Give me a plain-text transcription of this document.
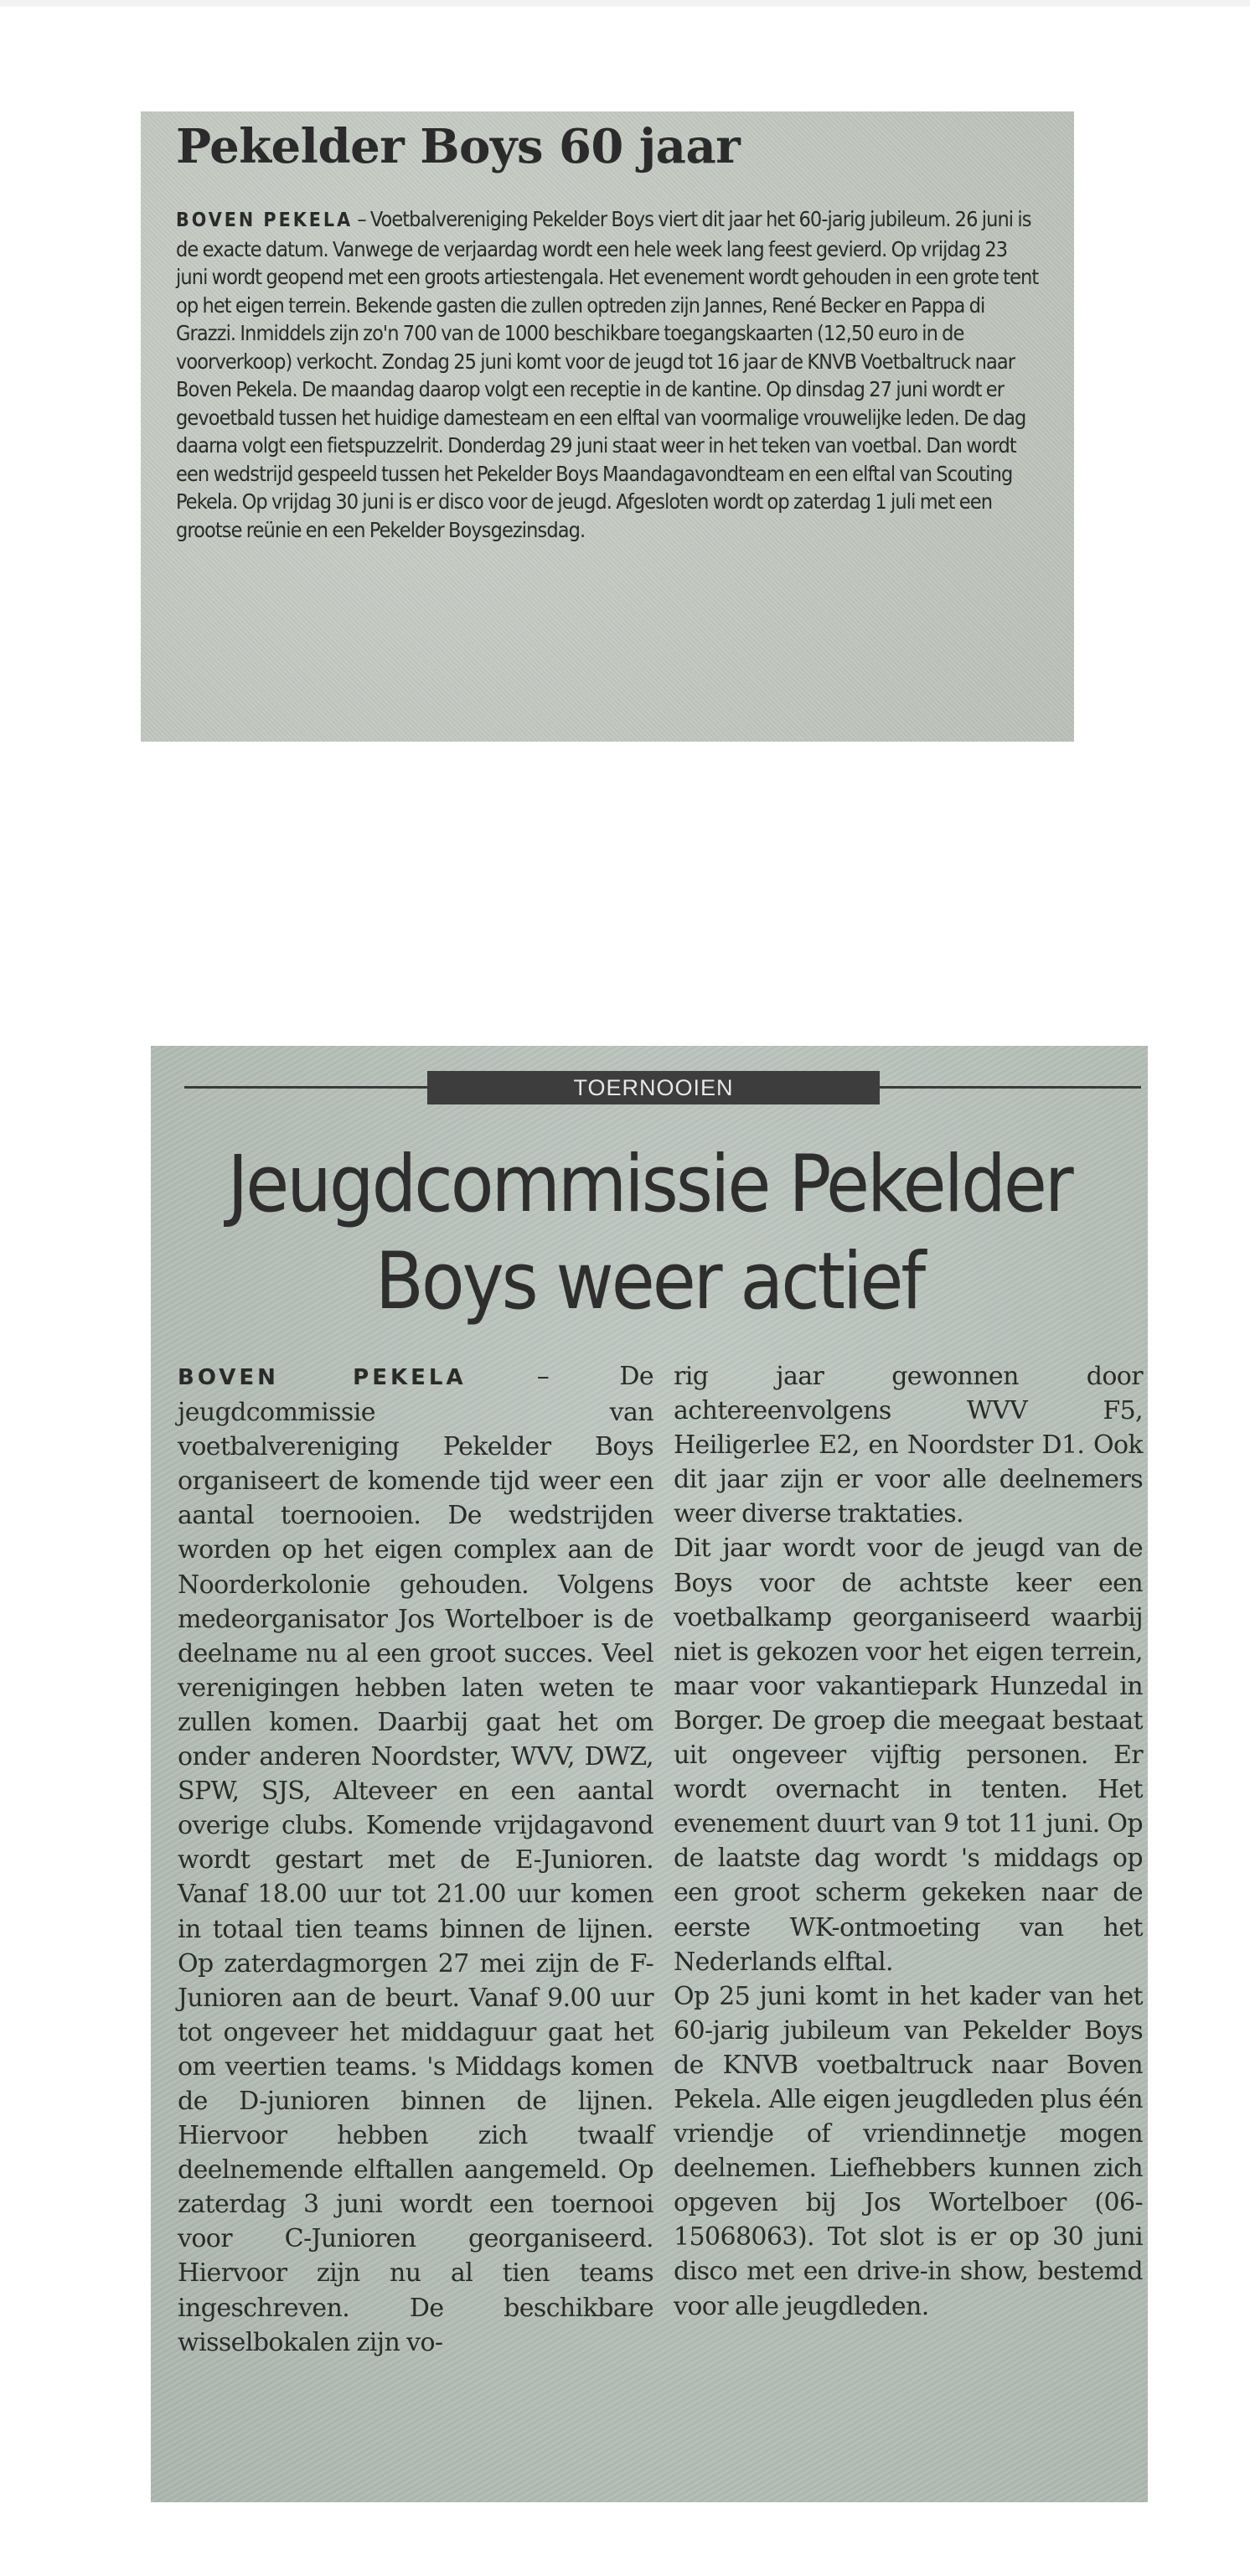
Pekelder Boys 60 jaar
BOVEN PEKELA – Voetbalvereniging Pekelder Boys viert dit jaar het 60-jarig jubileum. 26 juni is de exacte datum. Vanwege de verjaardag wordt een hele week lang feest gevierd. Op vrijdag 23 juni wordt geopend met een groots artiestengala. Het evenement wordt gehouden in een grote tent op het eigen terrein. Bekende gasten die zullen optreden zijn Jannes, René Becker en Pappa di Grazzi. Inmiddels zijn zo'n 700 van de 1000 beschikbare toegangskaarten (12,50 euro in de voorverkoop) verkocht. Zondag 25 juni komt voor de jeugd tot 16 jaar de KNVB Voetbaltruck naar Boven Pekela. De maandag daarop volgt een receptie in de kantine. Op dinsdag 27 juni wordt er gevoetbald tussen het huidige damesteam en een elftal van voormalige vrouwelijke leden. De dag daarna volgt een fietspuzzelrit. Donderdag 29 juni staat weer in het teken van voetbal. Dan wordt een wedstrijd gespeeld tussen het Pekelder Boys Maandagavondteam en een elftal van Scouting Pekela. Op vrijdag 30 juni is er disco voor de jeugd. Afgesloten wordt op zaterdag 1 juli met een grootse reünie en een Pekelder Boysgezinsdag.
TOERNOOIEN
Jeugdcommissie Pekelder
Boys weer actief

BOVEN PEKELA – De jeugdcommissie van voetbalvereniging Pekelder Boys organiseert de komende tijd weer een aantal toernooien. De wedstrijden worden op het eigen complex aan de Noorderkolonie gehouden. Volgens medeorganisator Jos Wortelboer is de deelname nu al een groot succes. Veel verenigingen hebben laten weten te zullen komen. Daarbij gaat het om onder anderen Noordster, WVV, DWZ, SPW, SJS, Alteveer en een aantal overige clubs. Komende vrijdagavond wordt gestart met de E-Junioren. Vanaf 18.00 uur tot 21.00 uur komen in totaal tien teams binnen de lijnen. Op zaterdagmorgen 27 mei zijn de F-Junioren aan de beurt. Vanaf 9.00 uur tot ongeveer het middaguur gaat het om veertien teams. 's Middags komen de D-junioren binnen de lijnen. Hiervoor hebben zich twaalf deelnemende elftallen aangemeld. Op zaterdag 3 juni wordt een toernooi voor C-Junioren georganiseerd. Hiervoor zijn nu al tien teams ingeschreven. De beschikbare wisselbokalen zijn vo-

rig jaar gewonnen door achtereenvolgens WVV F5, Heiligerlee E2, en Noordster D1. Ook dit jaar zijn er voor alle deelnemers weer diverse traktaties.

Dit jaar wordt voor de jeugd van de Boys voor de achtste keer een voetbalkamp georganiseerd waarbij niet is gekozen voor het eigen terrein, maar voor vakantiepark Hunzedal in Borger. De groep die meegaat bestaat uit ongeveer vijftig personen. Er wordt overnacht in tenten. Het evenement duurt van 9 tot 11 juni. Op de laatste dag wordt 's middags op een groot scherm gekeken naar de eerste WK-ontmoeting van het Nederlands elftal.

Op 25 juni komt in het kader van het 60-jarig jubileum van Pekelder Boys de KNVB voetbaltruck naar Boven Pekela. Alle eigen jeugdleden plus één vriendje of vriendinnetje mogen deelnemen. Liefhebbers kunnen zich opgeven bij Jos Wortelboer (06-15068063). Tot slot is er op 30 juni disco met een drive-in show, bestemd voor alle jeugdleden.
